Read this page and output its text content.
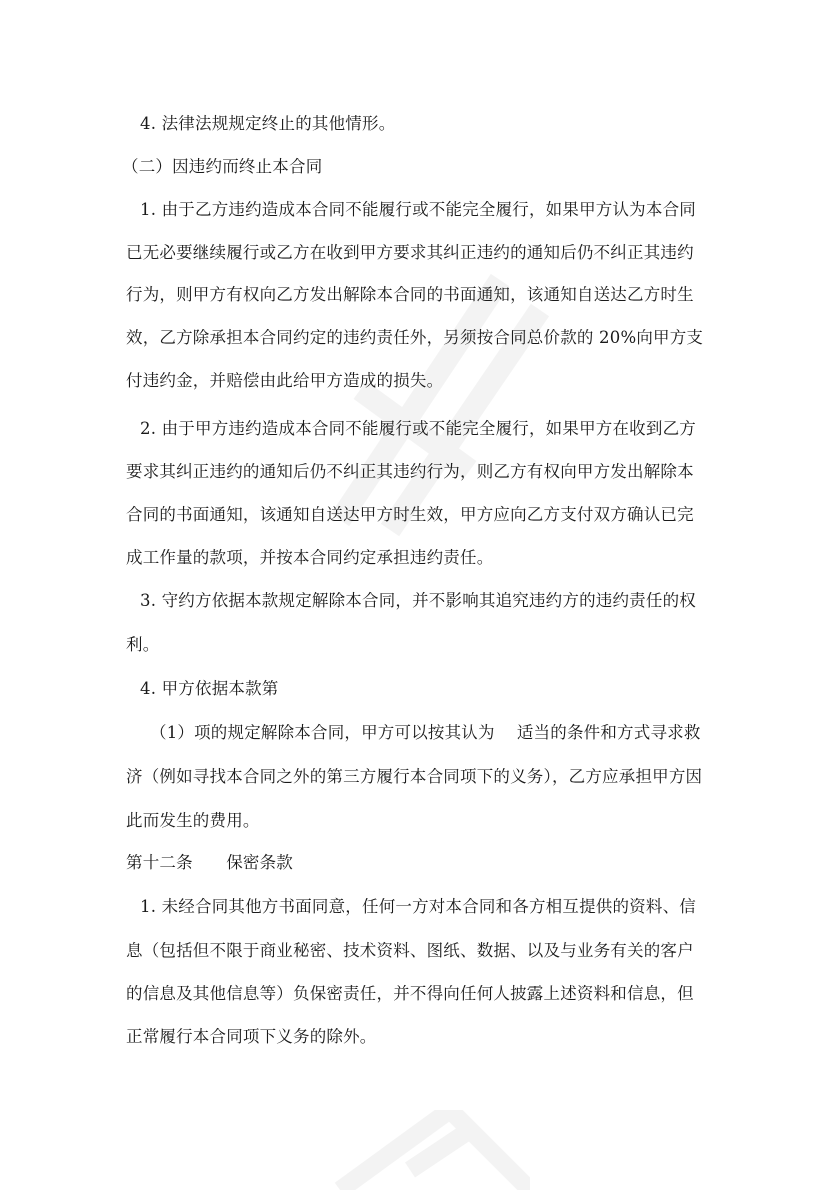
4. 法律法规规定终止的其他情形。
（二）因违约而终止本合同
1. 由于乙方违约造成本合同不能履行或不能完全履行，如果甲方认为本合同
已无必要继续履行或乙方在收到甲方要求其纠正违约的通知后仍不纠正其违约
行为，则甲方有权向乙方发出解除本合同的书面通知，该通知自送达乙方时生
效，乙方除承担本合同约定的违约责任外，另须按合同总价款的 20%向甲方支
付违约金，并赔偿由此给甲方造成的损失。
2. 由于甲方违约造成本合同不能履行或不能完全履行，如果甲方在收到乙方
要求其纠正违约的通知后仍不纠正其违约行为，则乙方有权向甲方发出解除本
合同的书面通知，该通知自送达甲方时生效，甲方应向乙方支付双方确认已完
成工作量的款项，并按本合同约定承担违约责任。
3. 守约方依据本款规定解除本合同，并不影响其追究违约方的违约责任的权
利。
4. 甲方依据本款第
（1）项的规定解除本合同，甲方可以按其认为　 适当的条件和方式寻求救
济（例如寻找本合同之外的第三方履行本合同项下的义务），乙方应承担甲方因
此而发生的费用。
第十二条　　保密条款
1. 未经合同其他方书面同意，任何一方对本合同和各方相互提供的资料、信
息（包括但不限于商业秘密、技术资料、图纸、数据、以及与业务有关的客户
的信息及其他信息等）负保密责任，并不得向任何人披露上述资料和信息，但
正常履行本合同项下义务的除外。
